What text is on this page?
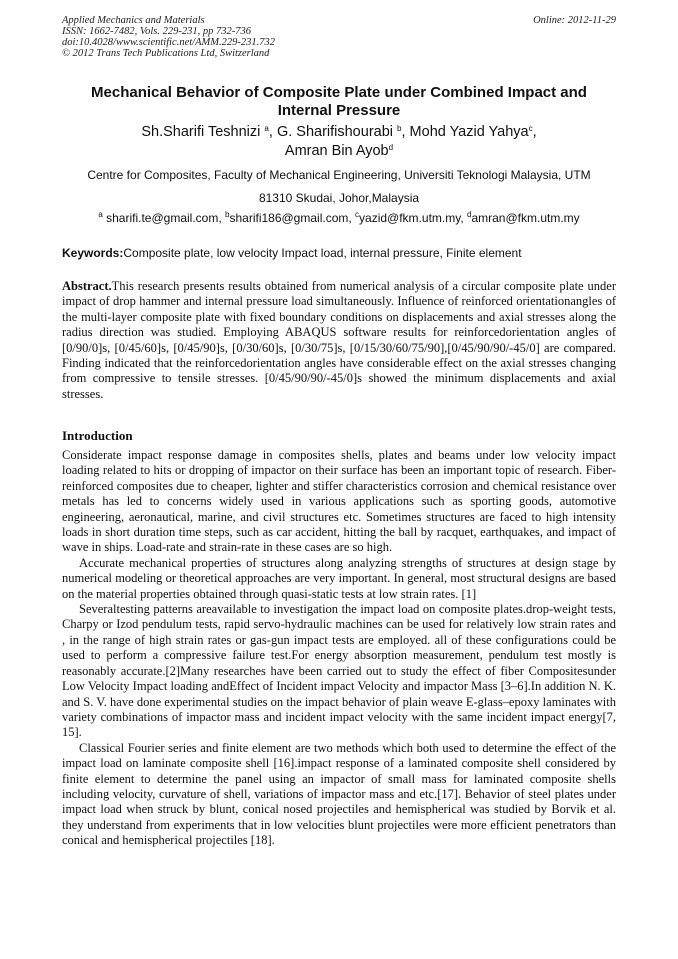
Applied Mechanics and Materials
ISSN: 1662-7482, Vols. 229-231, pp 732-736
doi:10.4028/www.scientific.net/AMM.229-231.732
© 2012 Trans Tech Publications Ltd, Switzerland
Online: 2012-11-29
Mechanical Behavior of Composite Plate under Combined Impact and Internal Pressure
Sh.Sharifi Teshnizi $^a$, G. Sharifishourabi $^b$, Mohd Yazid Yahya$^c$,
Amran Bin Ayob$^d$
Centre for Composites, Faculty of Mechanical Engineering, Universiti Teknologi Malaysia, UTM
81310 Skudai, Johor,Malaysia
$^a$ sharifi.te@gmail.com, $^b$sharifi186@gmail.com, $^c$yazid@fkm.utm.my, $^d$amran@fkm.utm.my
Keywords:Composite plate, low velocity Impact load, internal pressure, Finite element
Abstract.This research presents results obtained from numerical analysis of a circular composite plate under impact of drop hammer and internal pressure load simultaneously. Influence of reinforced orientationangles of the multi-layer composite plate with fixed boundary conditions on displacements and axial stresses along the radius direction was studied. Employing ABAQUS software results for reinforcedorientation angles of [0/90/0]s, [0/45/60]s, [0/45/90]s, [0/30/60]s, [0/30/75]s, [0/15/30/60/75/90],[0/45/90/90/-45/0] are compared. Finding indicated that the reinforcedorientation angles have considerable effect on the axial stresses changing from compressive to tensile stresses. [0/45/90/90/-45/0]s showed the minimum displacements and axial stresses.
Introduction

Considerate impact response damage in composites shells, plates and beams under low velocity impact loading related to hits or dropping of impactor on their surface has been an important topic of research. Fiber-reinforced composites due to cheaper, lighter and stiffer characteristics corrosion and chemical resistance over metals has led to concerns widely used in various applications such as sporting goods, automotive engineering, aeronautical, marine, and civil structures etc. Sometimes structures are faced to high intensity loads in short duration time steps, such as car accident, hitting the ball by racquet, earthquakes, and impact of wave in ships. Load-rate and strain-rate in these cases are so high.

Accurate mechanical properties of structures along analyzing strengths of structures at design stage by numerical modeling or theoretical approaches are very important. In general, most structural designs are based on the material properties obtained through quasi-static tests at low strain rates. [1]

Severaltesting patterns areavailable to investigation the impact load on composite plates.drop-weight tests, Charpy or Izod pendulum tests, rapid servo-hydraulic machines can be used for relatively low strain rates and , in the range of high strain rates or gas-gun impact tests are employed. all of these configurations could be used to perform a compressive failure test.For energy absorption measurement, pendulum test mostly is reasonably accurate.[2]Many researches have been carried out to study the effect of fiber Compositesunder Low Velocity Impact loading andEffect of Incident impact Velocity and impactor Mass [3–6].In addition N. K. and S. V. have done experimental studies on the impact behavior of plain weave E-glass–epoxy laminates with variety combinations of impactor mass and incident impact velocity with the same incident impact energy[7, 15].

Classical Fourier series and finite element are two methods which both used to determine the effect of the impact load on laminate composite shell [16].impact response of a laminated composite shell considered by finite element to determine the panel using an impactor of small mass for laminated composite shells including velocity, curvature of shell, variations of impactor mass and etc.[17]. Behavior of steel plates under impact load when struck by blunt, conical nosed projectiles and hemispherical was studied by Borvik et al. they understand from experiments that in low velocities blunt projectiles were more efficient penetrators than conical and hemispherical projectiles [18].
